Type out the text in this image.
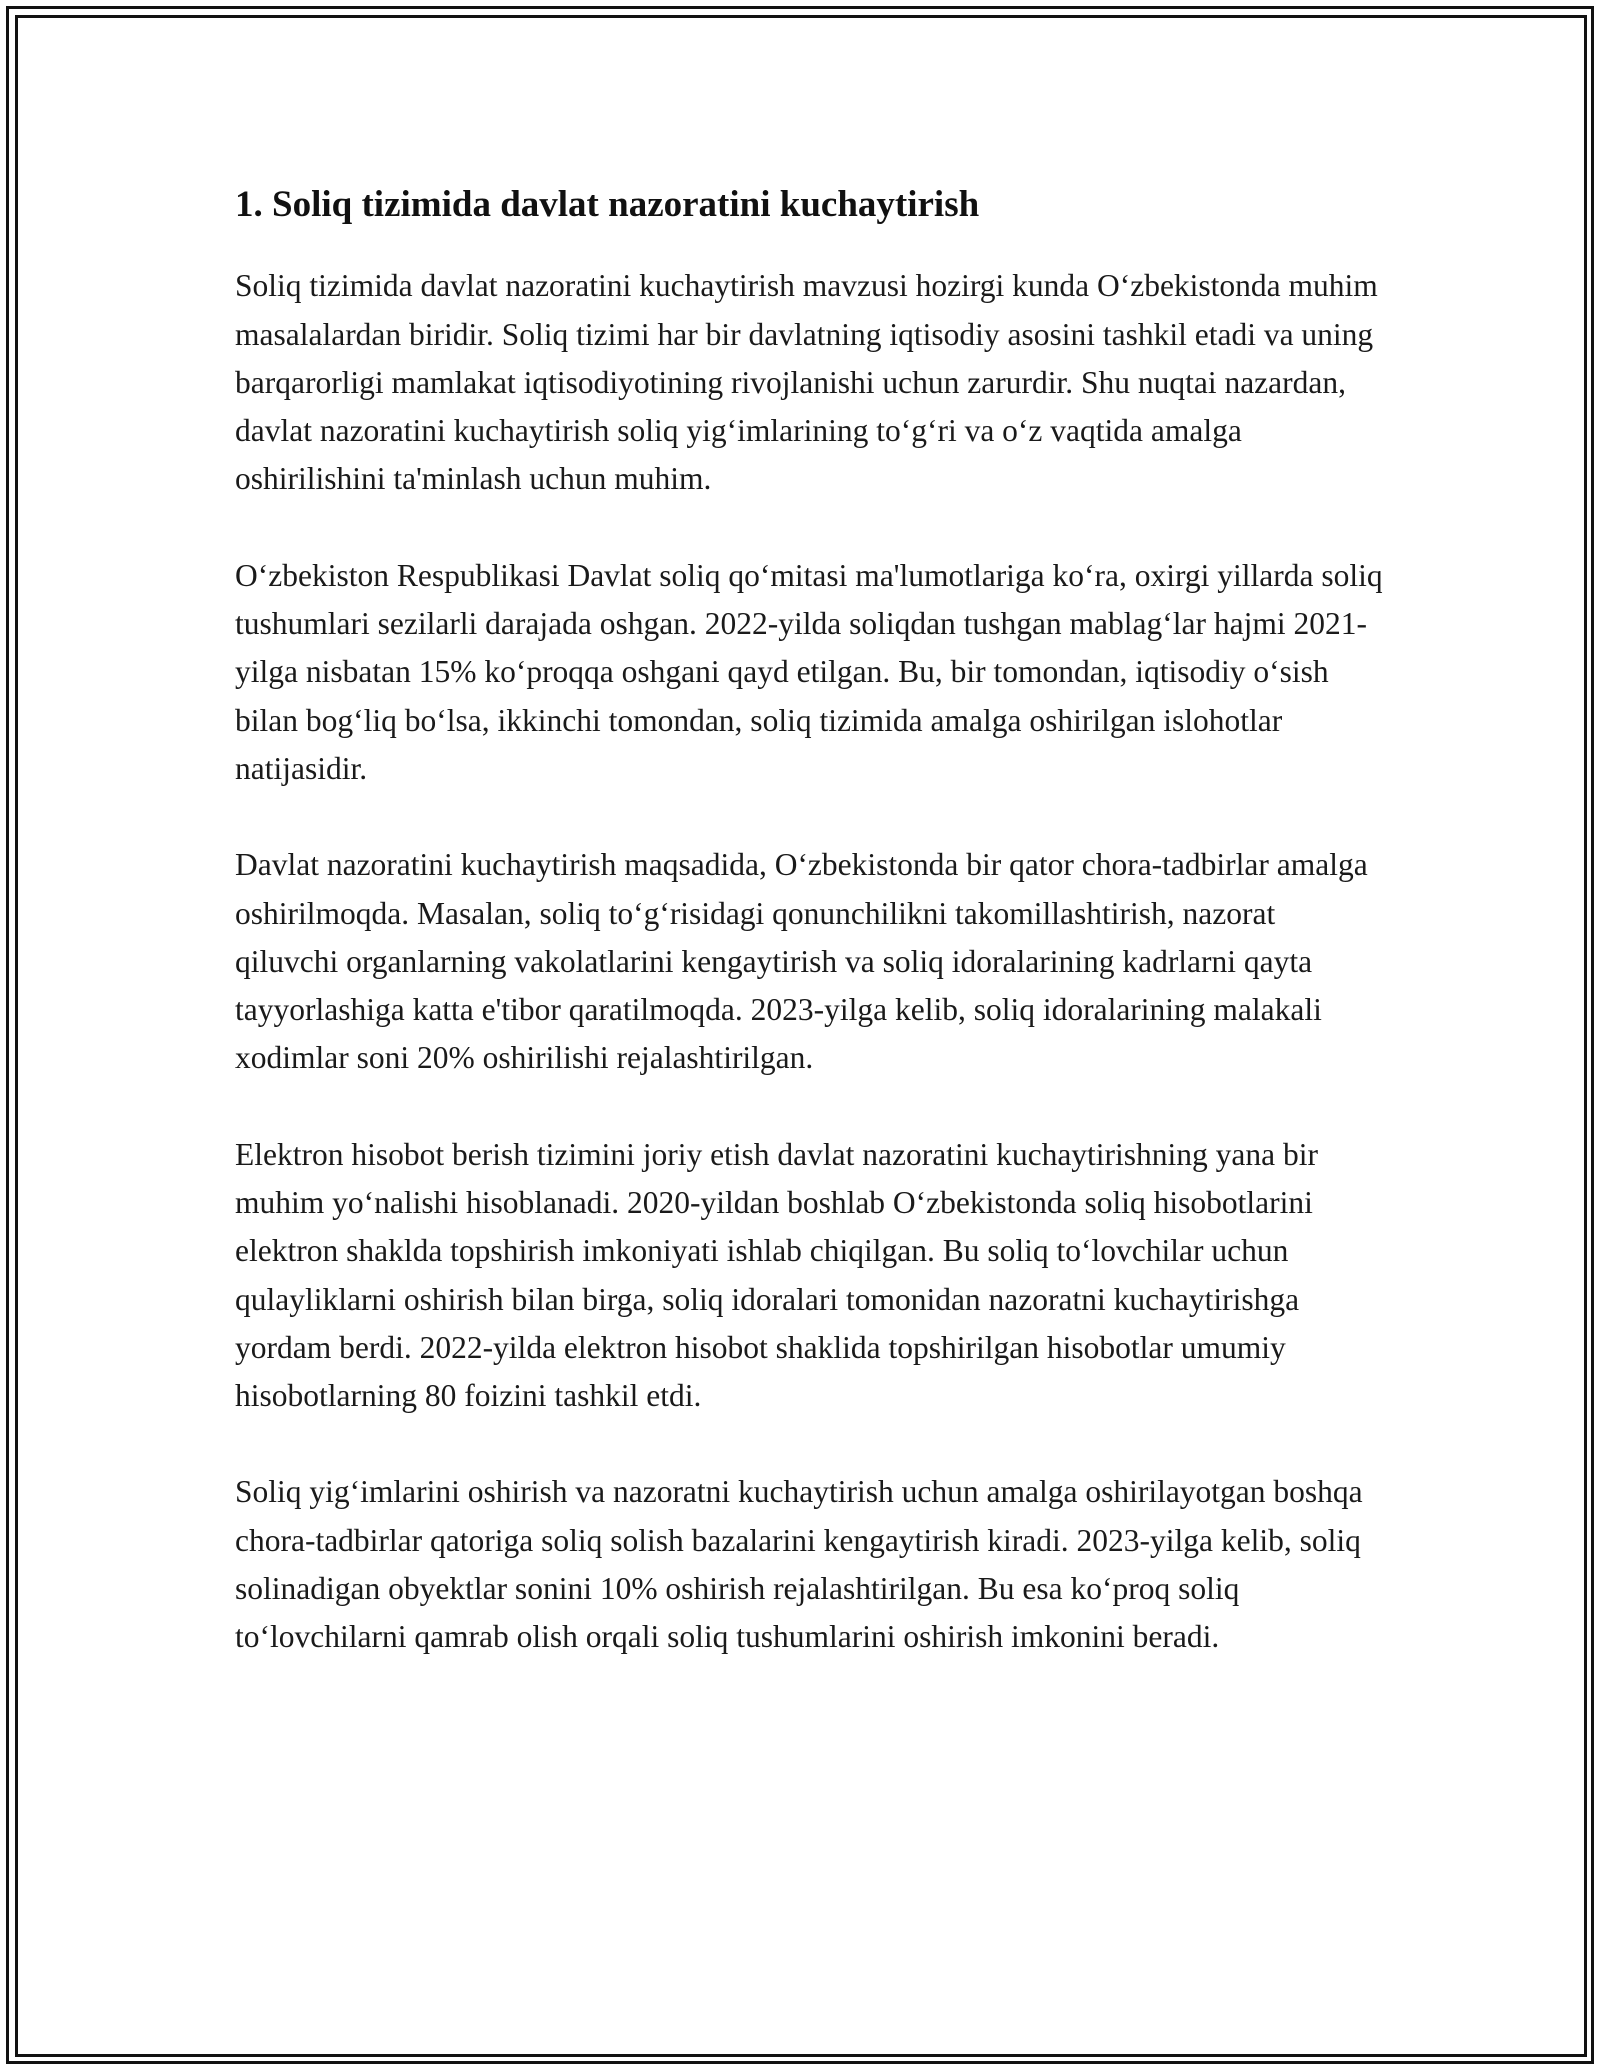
1. Soliq tizimida davlat nazoratini kuchaytirish

Soliq tizimida davlat nazoratini kuchaytirish mavzusi hozirgi kunda O‘zbekistonda muhim masalalardan biridir. Soliq tizimi har bir davlatning iqtisodiy asosini tashkil etadi va uning barqarorligi mamlakat iqtisodiyotining rivojlanishi uchun zarurdir. Shu nuqtai nazardan, davlat nazoratini kuchaytirish soliq yig‘imlarining to‘g‘ri va o‘z vaqtida amalga oshirilishini ta'minlash uchun muhim.

O‘zbekiston Respublikasi Davlat soliq qo‘mitasi ma'lumotlariga ko‘ra, oxirgi yillarda soliq tushumlari sezilarli darajada oshgan. 2022-yilda soliqdan tushgan mablag‘lar hajmi 2021-yilga nisbatan 15% ko‘proqqa oshgani qayd etilgan. Bu, bir tomondan, iqtisodiy o‘sish bilan bog‘liq bo‘lsa, ikkinchi tomondan, soliq tizimida amalga oshirilgan islohotlar natijasidir.

Davlat nazoratini kuchaytirish maqsadida, O‘zbekistonda bir qator chora-tadbirlar amalga oshirilmoqda. Masalan, soliq to‘g‘risidagi qonunchilikni takomillashtirish, nazorat qiluvchi organlarning vakolatlarini kengaytirish va soliq idoralarining kadrlarni qayta tayyorlashiga katta e'tibor qaratilmoqda. 2023-yilga kelib, soliq idoralarining malakali xodimlar soni 20% oshirilishi rejalashtirilgan.

Elektron hisobot berish tizimini joriy etish davlat nazoratini kuchaytirishning yana bir muhim yo‘nalishi hisoblanadi. 2020-yildan boshlab O‘zbekistonda soliq hisobotlarini elektron shaklda topshirish imkoniyati ishlab chiqilgan. Bu soliq to‘lovchilar uchun qulayliklarni oshirish bilan birga, soliq idoralari tomonidan nazoratni kuchaytirishga yordam berdi. 2022-yilda elektron hisobot shaklida topshirilgan hisobotlar umumiy hisobotlarning 80 foizini tashkil etdi.

Soliq yig‘imlarini oshirish va nazoratni kuchaytirish uchun amalga oshirilayotgan boshqa chora-tadbirlar qatoriga soliq solish bazalarini kengaytirish kiradi. 2023-yilga kelib, soliq solinadigan obyektlar sonini 10% oshirish rejalashtirilgan. Bu esa ko‘proq soliq to‘lovchilarni qamrab olish orqali soliq tushumlarini oshirish imkonini beradi.
